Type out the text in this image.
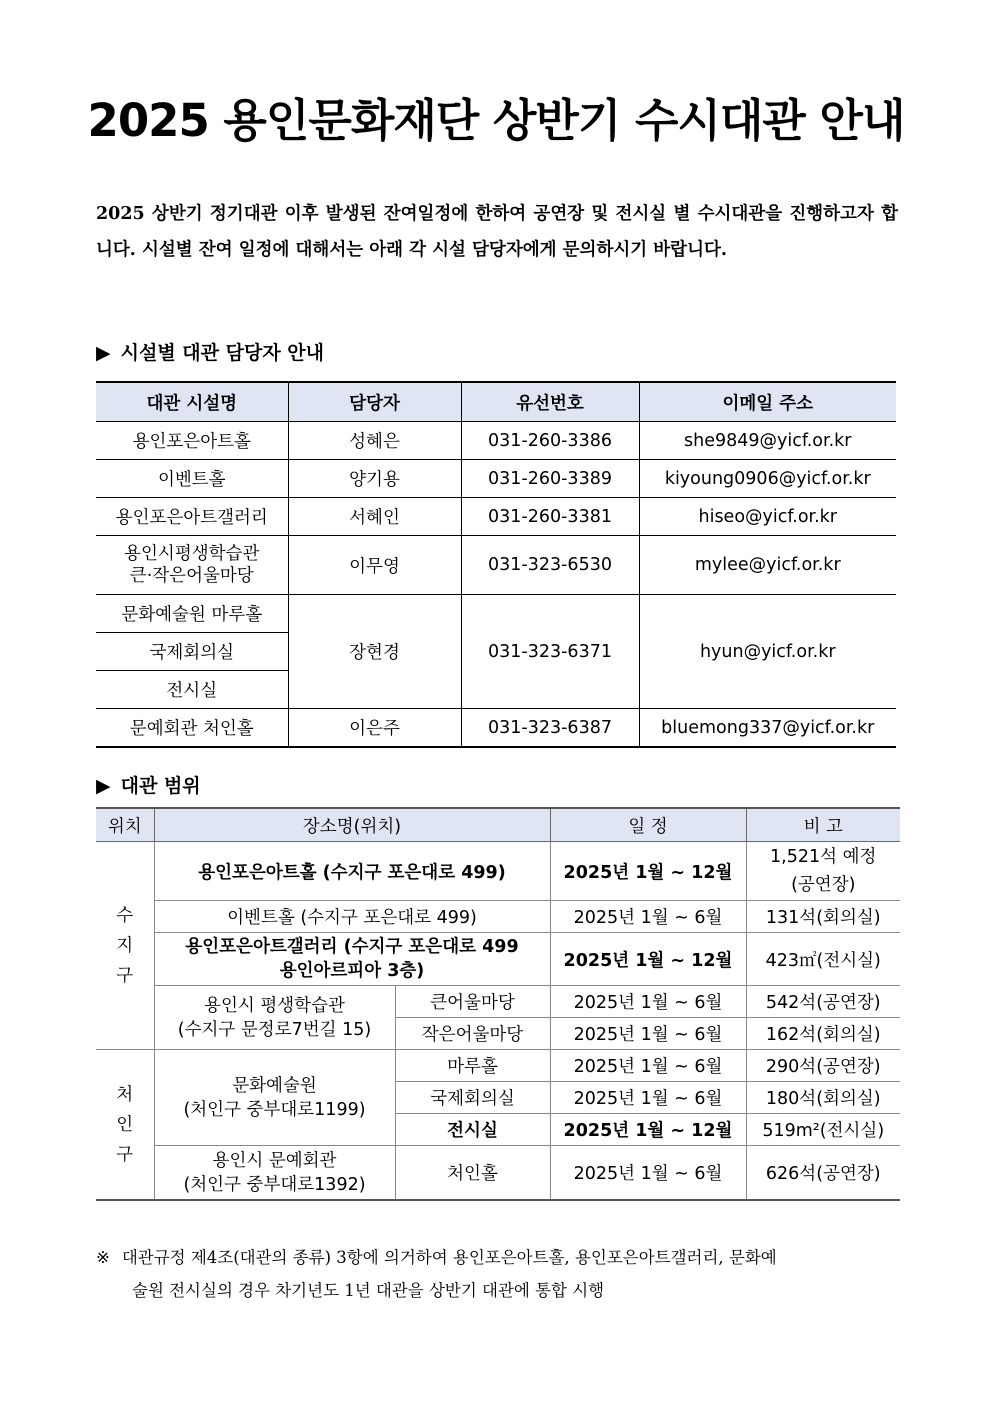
2025 용인문화재단 상반기 수시대관 안내
2025 상반기 정기대관 이후 발생된 잔여일정에 한하여 공연장 및 전시실 별 수시대관을 진행하고자 합니다. 시설별 잔여 일정에 대해서는 아래 각 시설 담당자에게 문의하시기 바랍니다.
▶ 시설별 대관 담당자 안내
대관 시설명	담당자	유선번호	이메일 주소
용인포은아트홀	성혜은	031-260-3386	she9849@yicf.or.kr
이벤트홀	양기용	031-260-3389	kiyoung0906@yicf.or.kr
용인포은아트갤러리	서혜인	031-260-3381	hiseo@yicf.or.kr

용인시평생학습관
큰·작은어울마당	이무영	031-323-6530	mylee@yicf.or.kr
문화예술원 마루홀	장현경	031-323-6371	hyun@yicf.or.kr
국제회의실			
전시실			
문예회관 처인홀	이은주	031-323-6387	bluemong337@yicf.or.kr
▶ 대관 범위
위치	장소명(위치)		일 정	비 고

수지구	용인포은아트홀 (수지구 포은대로 499)		2025년 1월 ~ 12월	1,521석 예정
(공연장)

	이벤트홀 (수지구 포은대로 499)		2025년 1월 ~ 6월	131석(회의실)

	용인포은아트갤러리 (수지구 포은대로 499
용인아르피아 3층)		2025년 1월 ~ 12월	423㎡(전시실)

	용인시 평생학습관
(수지구 문정로7번길 15)	큰어울마당	2025년 1월 ~ 6월	542석(공연장)
		작은어울마당	2025년 1월 ~ 6월	162석(회의실)

처인구	문화예술원
(처인구 중부대로1199)	마루홀	2025년 1월 ~ 6월	290석(공연장)
		국제회의실	2025년 1월 ~ 6월	180석(회의실)
		전시실	2025년 1월 ~ 12월	519m²(전시실)

	용인시 문예회관
(처인구 중부대로1392)	처인홀	2025년 1월 ~ 6월	626석(공연장)
※ 대관규정 제4조(대관의 종류) 3항에 의거하여 용인포은아트홀, 용인포은아트갤러리, 문화예
술원 전시실의 경우 차기년도 1년 대관을 상반기 대관에 통합 시행
